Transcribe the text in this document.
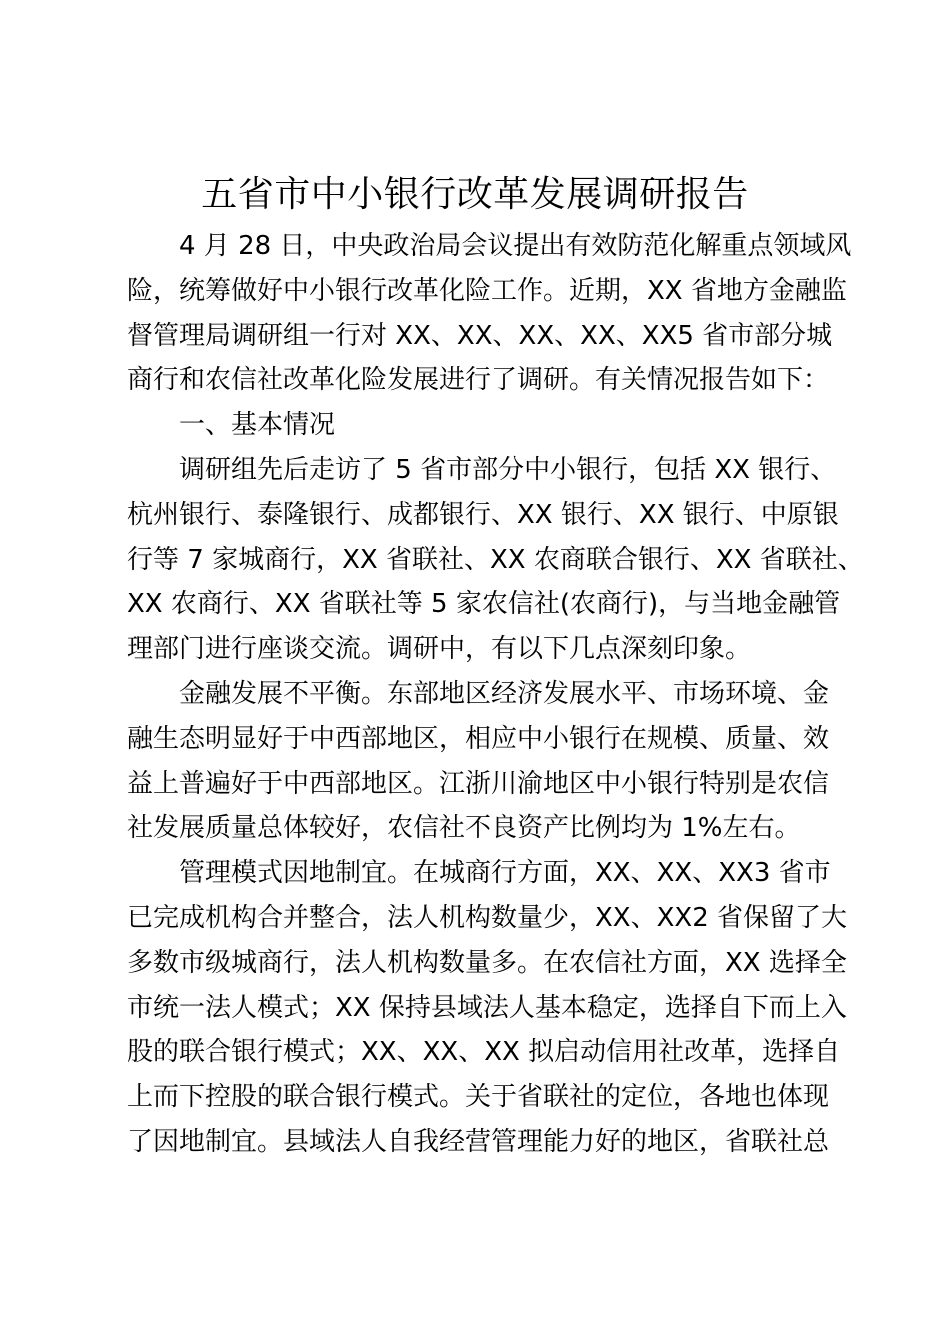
五省市中小银行改革发展调研报告
4 月 28 日，中央政治局会议提出有效防范化解重点领域风
险，统筹做好中小银行改革化险工作。近期，XX 省地方金融监
督管理局调研组一行对 XX、XX、XX、XX、XX5 省市部分城
商行和农信社改革化险发展进行了调研。有关情况报告如下：
一、基本情况
调研组先后走访了 5 省市部分中小银行，包括 XX 银行、
杭州银行、泰隆银行、成都银行、XX 银行、XX 银行、中原银
行等 7 家城商行，XX 省联社、XX 农商联合银行、XX 省联社、
XX 农商行、XX 省联社等 5 家农信社(农商行)，与当地金融管
理部门进行座谈交流。调研中，有以下几点深刻印象。
金融发展不平衡。东部地区经济发展水平、市场环境、金
融生态明显好于中西部地区，相应中小银行在规模、质量、效
益上普遍好于中西部地区。江浙川渝地区中小银行特别是农信
社发展质量总体较好，农信社不良资产比例均为 1%左右。
管理模式因地制宜。在城商行方面，XX、XX、XX3 省市
已完成机构合并整合，法人机构数量少，XX、XX2 省保留了大
多数市级城商行，法人机构数量多。在农信社方面，XX 选择全
市统一法人模式；XX 保持县域法人基本稳定，选择自下而上入
股的联合银行模式；XX、XX、XX 拟启动信用社改革，选择自
上而下控股的联合银行模式。关于省联社的定位，各地也体现
了因地制宜。县域法人自我经营管理能力好的地区，省联社总
